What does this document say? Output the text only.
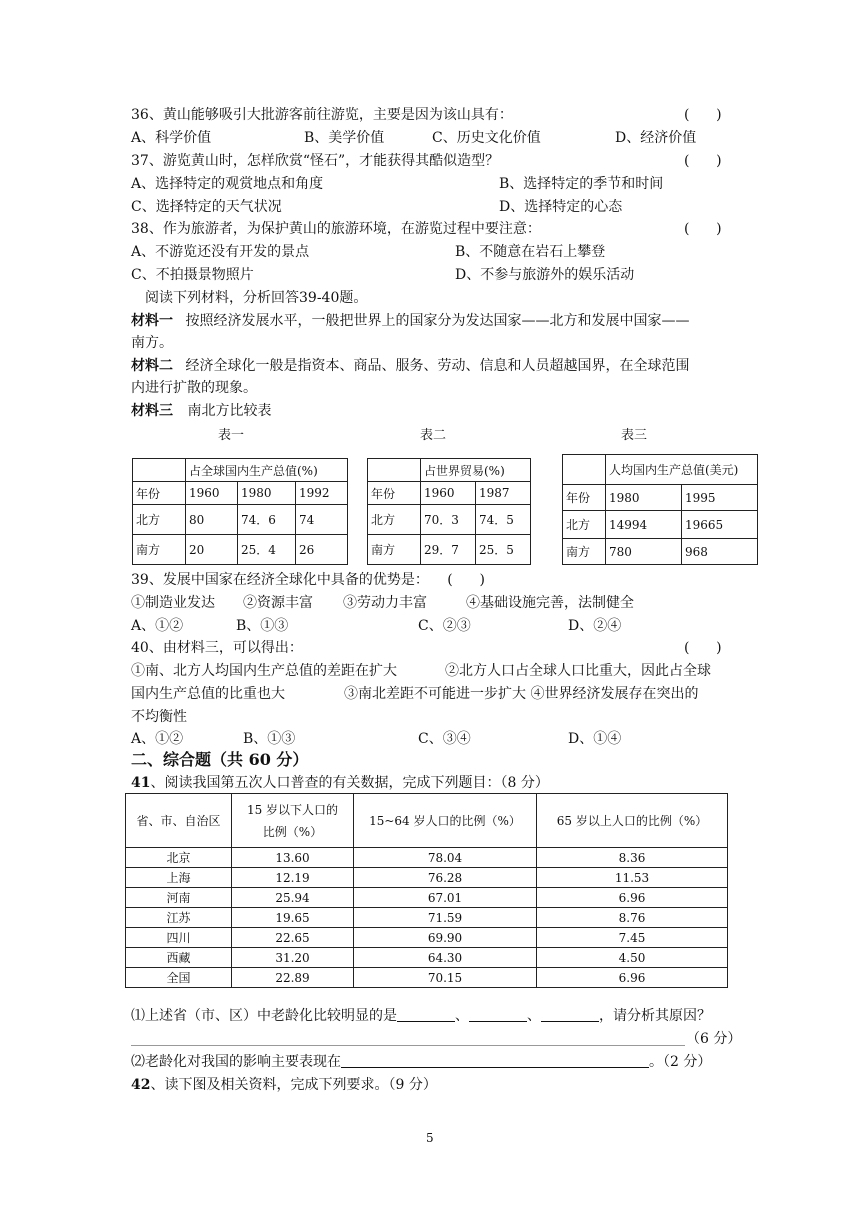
36、黄山能够吸引大批游客前往游览，主要是因为该山具有：	(      )
A、科学价值	B、美学价值	C、历史文化价值	D、经济价值
37、游览黄山时，怎样欣赏“怪石”，才能获得其酷似造型？	(      )
A、选择特定的观赏地点和角度	B、选择特定的季节和时间
C、选择特定的天气状况	D、选择特定的心态
38、作为旅游者，为保护黄山的旅游环境，在游览过程中要注意：	(      )
A、不游览还没有开发的景点	B、不随意在岩石上攀登
C、不拍摄景物照片	D、不参与旅游外的娱乐活动
阅读下列材料，分析回答39-40题。
材料一 按照经济发展水平，一般把世界上的国家分为发达国家——北方和发展中国家——
南方。
材料二 经济全球化一般是指资本、商品、服务、劳动、信息和人员超越国界，在全球范围
内进行扩散的现象。
材料三 南北方比较表
表一	表二	表三
	占全球国内生产总值(%)		
年份	1960	1980	1992
北方	80	74．6	74
南方	20	25．4	26
	占世界贸易(%)	
年份	1960	1987
北方	70．3	74．5
南方	29．7	25．5
	人均国内生产总值(美元)	
年份	1980	1995
北方	14994	19665
南方	780	968
39、发展中国家在经济全球化中具备的优势是： (      )
①制造业发达 ②资源丰富 ③劳动力丰富	④基础设施完善，法制健全
A、①②	B、①③	C、②③	D、②④
40、由材料三，可以得出：	(      )
①南、北方人均国内生产总值的差距在扩大	②北方人口占全球人口比重大，因此占全球
国内生产总值的比重也大	③南北差距不可能进一步扩大 ④世界经济发展存在突出的
不均衡性
A、①②	B、①③	C、③④	D、①④
二、综合题（共 60 分）
41、阅读我国第五次人口普查的有关数据，完成下列题目：（8 分）
省、市、自治区	15 岁以下人口的
比例（%）	15~64 岁人口的比例（%）	65 岁以上人口的比例（%）
北京	13.60	78.04	8.36
上海	12.19	76.28	11.53
河南	25.94	67.01	6.96
江苏	19.65	71.59	8.76
四川	22.65	69.90	7.45
西藏	31.20	64.30	4.50
全国	22.89	70.15	6.96
⑴上述省（市、区）中老龄化比较明显的是	、	、	，请分析其原因？
（6 分）
⑵老龄化对我国的影响主要表现在	。（2 分）
42、读下图及相关资料，完成下列要求。（9 分）
5
